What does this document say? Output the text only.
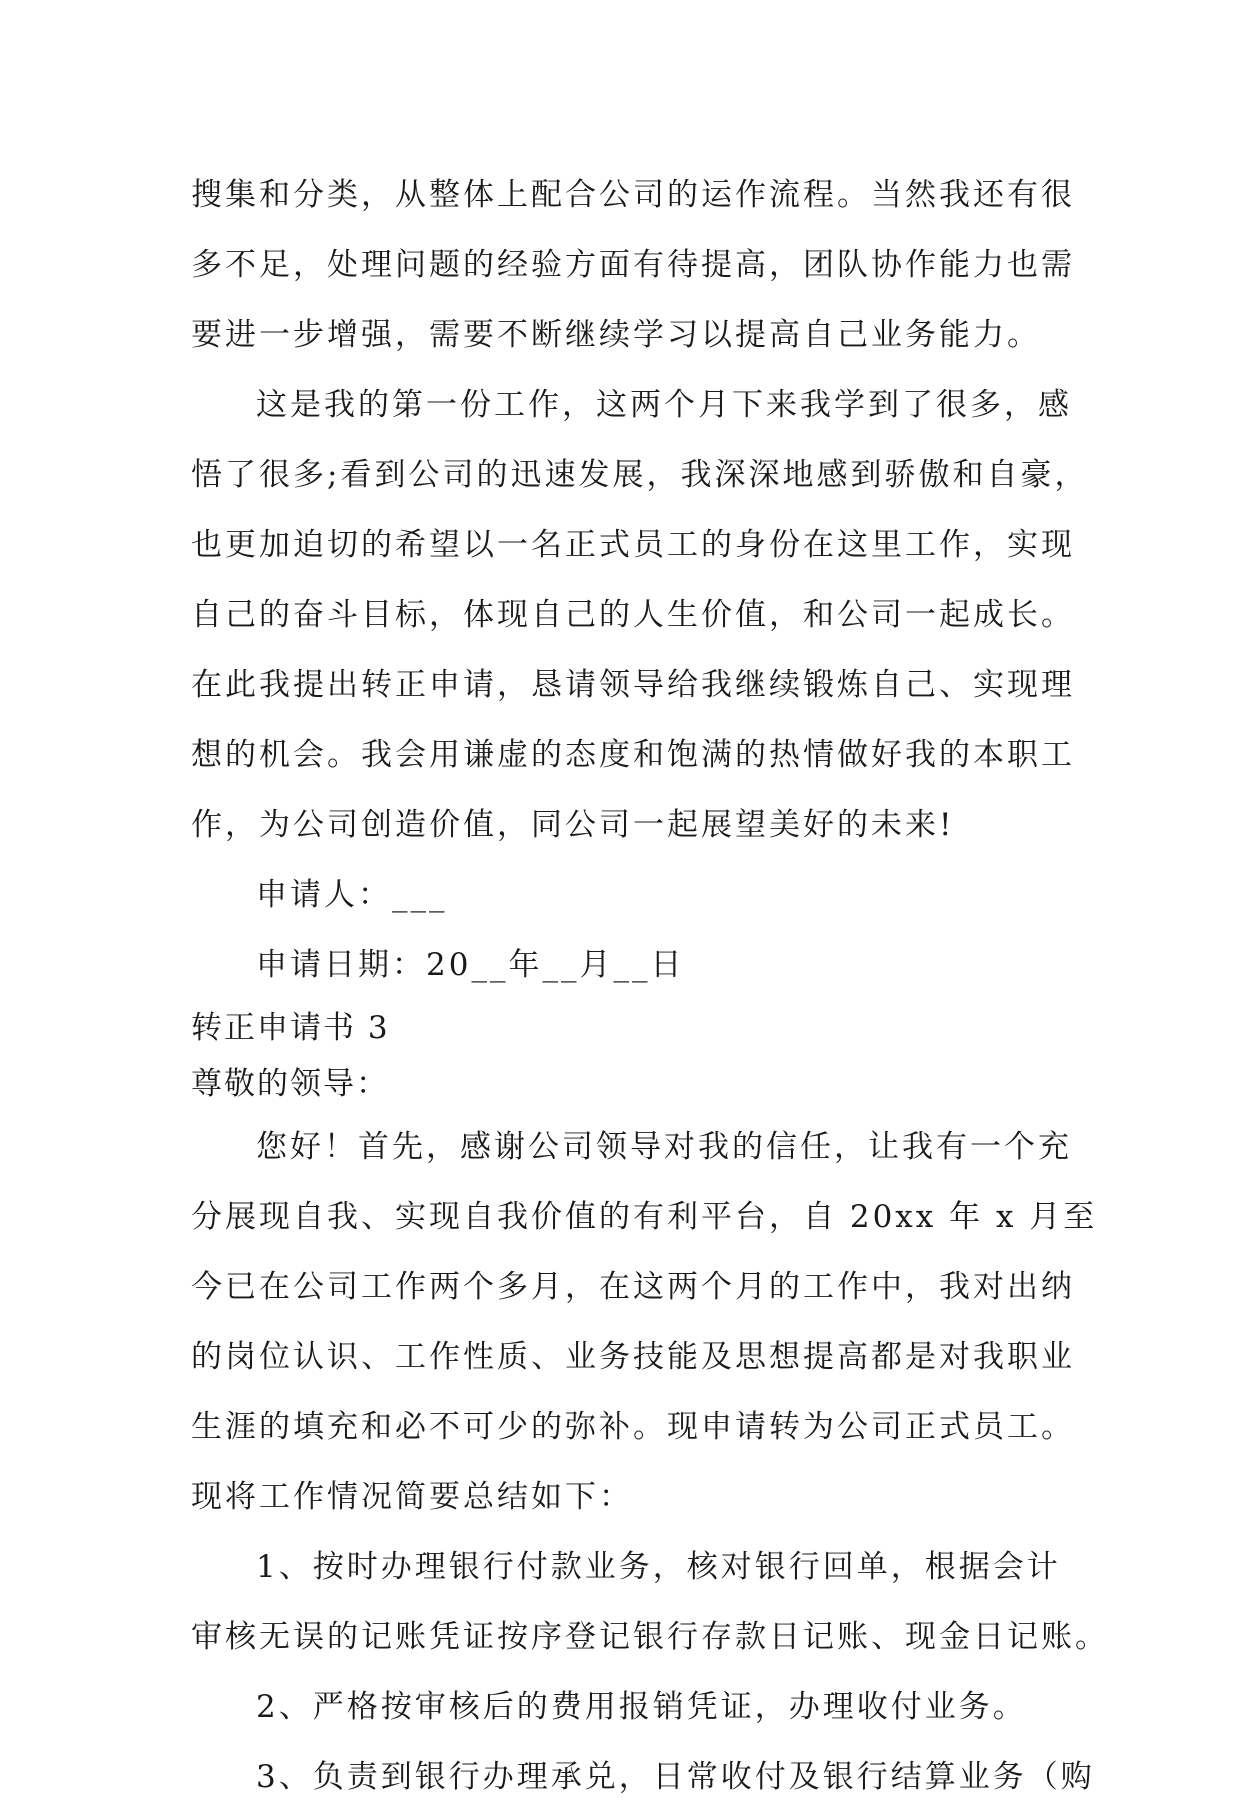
搜集和分类，从整体上配合公司的运作流程。当然我还有很
多不足，处理问题的经验方面有待提高，团队协作能力也需
要进一步增强，需要不断继续学习以提高自己业务能力。
这是我的第一份工作，这两个月下来我学到了很多，感
悟了很多;看到公司的迅速发展，我深深地感到骄傲和自豪，
也更加迫切的希望以一名正式员工的身份在这里工作，实现
自己的奋斗目标，体现自己的人生价值，和公司一起成长。
在此我提出转正申请，恳请领导给我继续锻炼自己、实现理
想的机会。我会用谦虚的态度和饱满的热情做好我的本职工
作，为公司创造价值，同公司一起展望美好的未来!
申请人：___
申请日期：20__年__月__日
转正申请书 3
尊敬的领导：
您好！首先，感谢公司领导对我的信任，让我有一个充
分展现自我、实现自我价值的有利平台，自 20xx 年 x 月至
今已在公司工作两个多月，在这两个月的工作中，我对出纳
的岗位认识、工作性质、业务技能及思想提高都是对我职业
生涯的填充和必不可少的弥补。现申请转为公司正式员工。
现将工作情况简要总结如下：
1、按时办理银行付款业务，核对银行回单，根据会计
审核无误的记账凭证按序登记银行存款日记账、现金日记账。
2、严格按审核后的费用报销凭证，办理收付业务。
3、负责到银行办理承兑，日常收付及银行结算业务（购
